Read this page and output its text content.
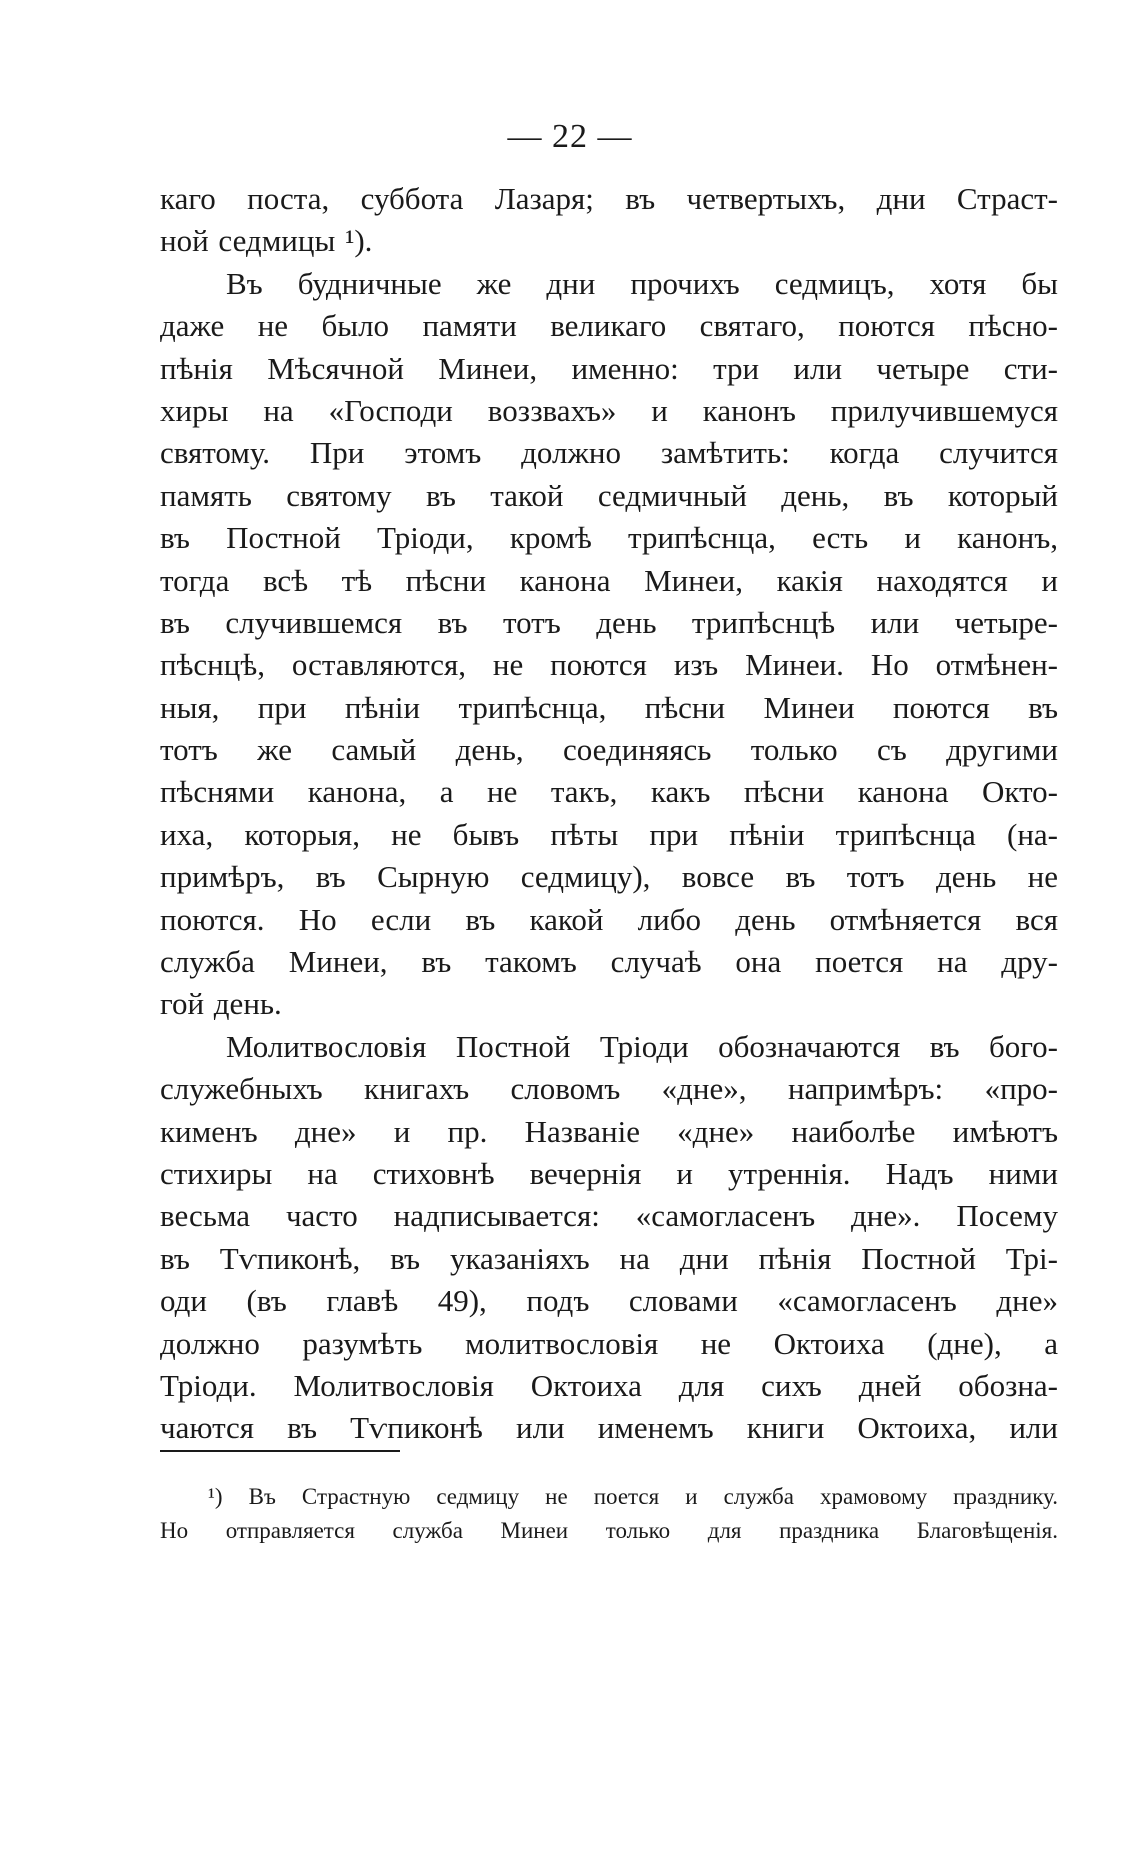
— 22 —
каго поста, суббота Лазаря; въ четвертыхъ, дни Страст-
ной седмицы ¹).
Въ будничные же дни прочихъ седмицъ, хотя бы
даже не было памяти великаго святаго, поются пѣсно-
пѣнія Мѣсячной Минеи, именно: три или четыре сти-
хиры на «Господи воззвахъ» и канонъ прилучившемуся
святому. При этомъ должно замѣтить: когда случится
память святому въ такой седмичный день, въ который
въ Постной Тріоди, кромѣ трипѣснца, есть и канонъ,
тогда всѣ тѣ пѣсни канона Минеи, какія находятся и
въ случившемся въ тотъ день трипѣснцѣ или четыре-
пѣснцѣ, оставляются, не поются изъ Минеи. Но отмѣнен-
ныя, при пѣніи трипѣснца, пѣсни Минеи поются въ
тотъ же самый день, соединяясь только съ другими
пѣснями канона, а не такъ, какъ пѣсни канона Окто-
иха, которыя, не бывъ пѣты при пѣніи трипѣснца (на-
примѣръ, въ Сырную седмицу), вовсе въ тотъ день не
поются. Но если въ какой либо день отмѣняется вся
служба Минеи, въ такомъ случаѣ она поется на дру-
гой день.
Молитвословія Постной Тріоди обозначаются въ бого-
служебныхъ книгахъ словомъ «дне», напримѣръ: «про-
кименъ дне» и пр. Названіе «дне» наиболѣе имѣютъ
стихиры на стиховнѣ вечернія и утреннія. Надъ ними
весьма часто надписывается: «самогласенъ дне». Посему
въ Тѵпиконѣ, въ указаніяхъ на дни пѣнія Постной Трі-
оди (въ главѣ 49), подъ словами «самогласенъ дне»
должно разумѣть молитвословія не Октоиха (дне), а
Тріоди. Молитвословія Октоиха для сихъ дней обозна-
чаются въ Тѵпиконѣ или именемъ книги Октоиха, или
¹) Въ Страстную седмицу не поется и служба храмовому празднику.
Но отправляется служба Минеи только для праздника Благовѣщенія.
